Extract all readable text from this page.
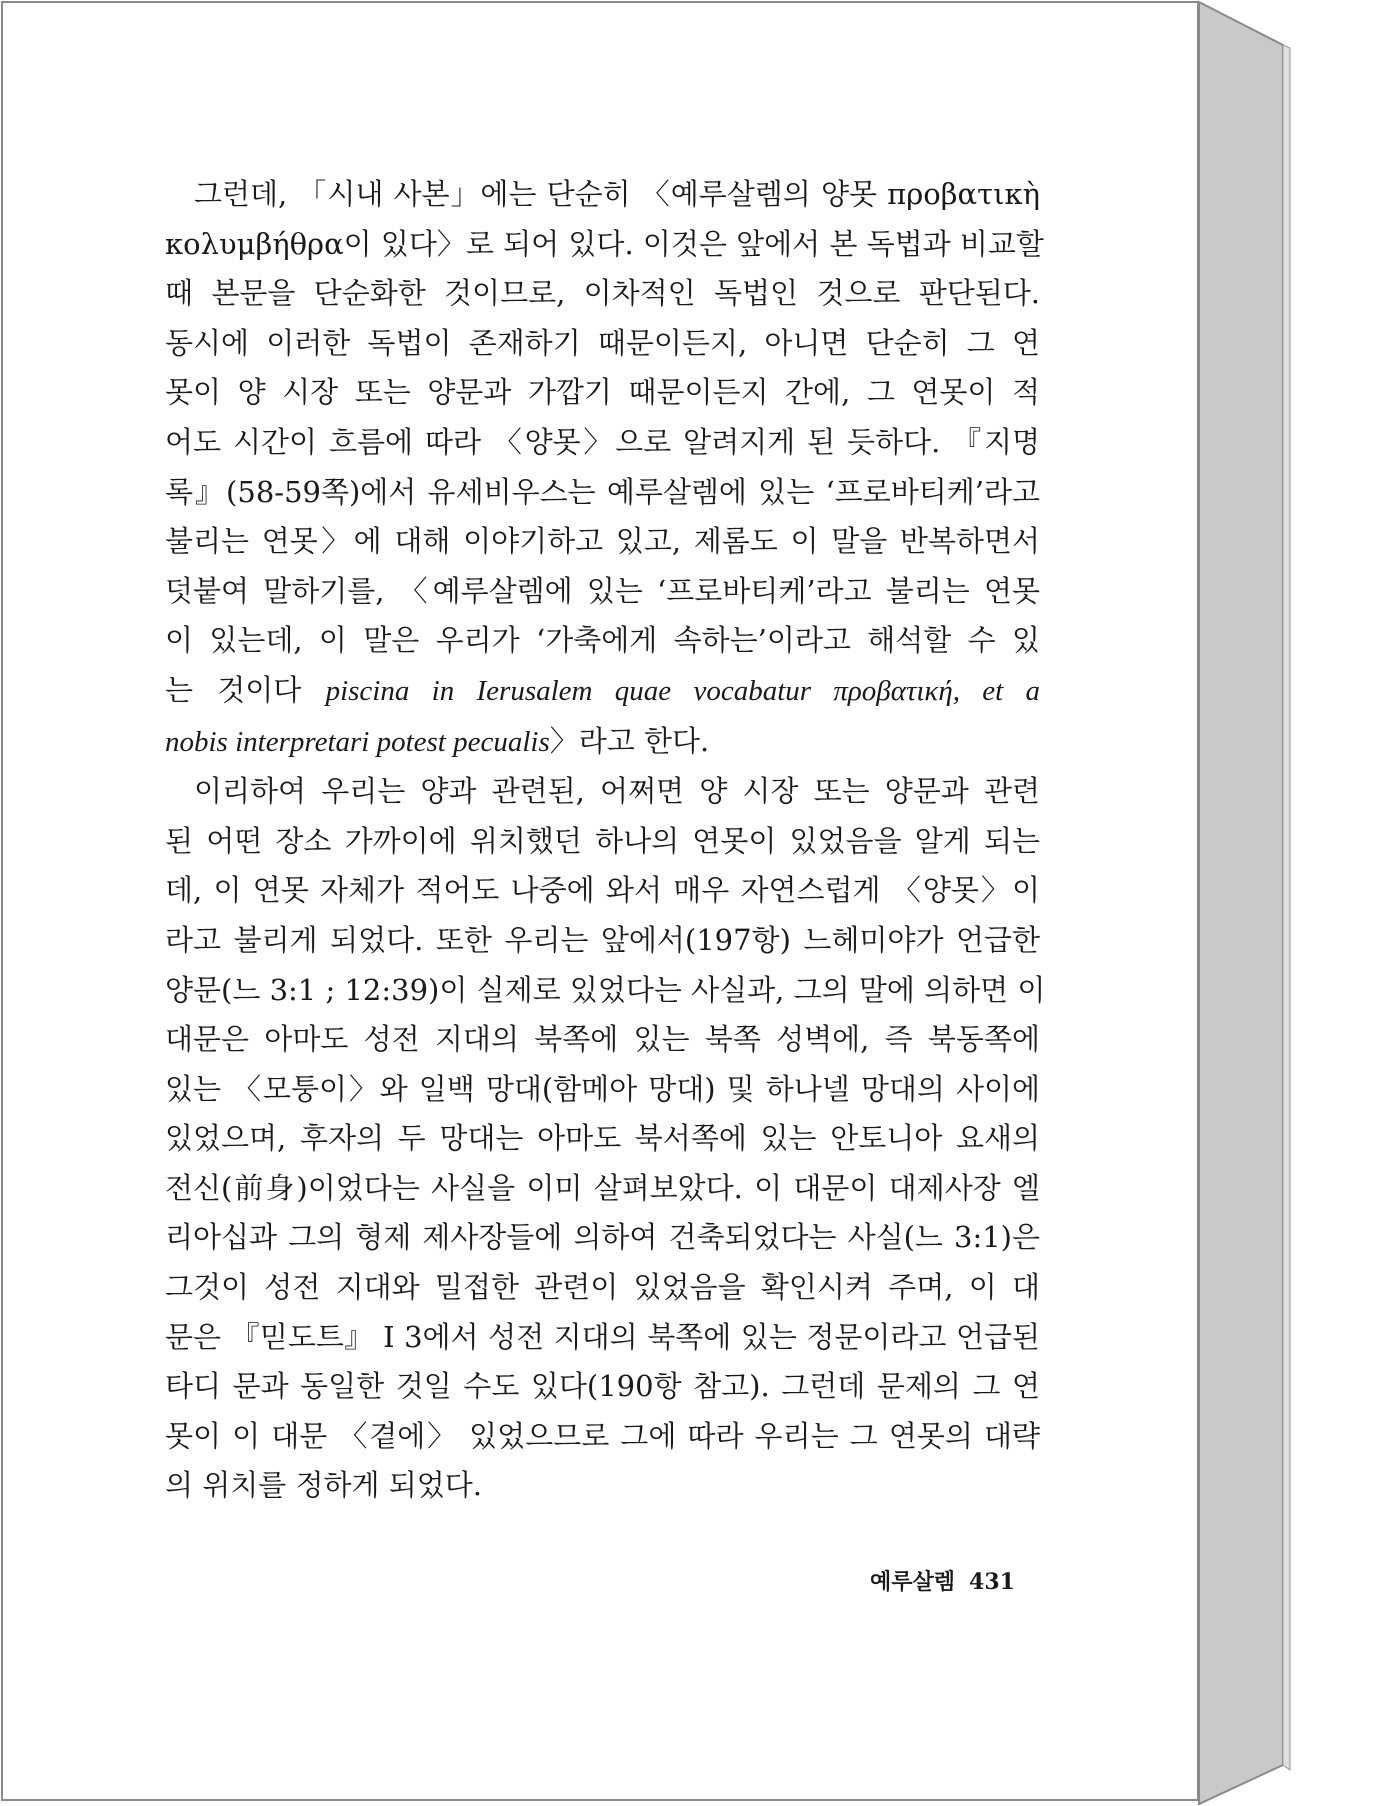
그런데, 「시내 사본」에는 단순히 〈예루살렘의 양못 προβατικὴ
κολυμβήθρα이 있다〉로 되어 있다. 이것은 앞에서 본 독법과 비교할
때 본문을 단순화한 것이므로, 이차적인 독법인 것으로 판단된다.
동시에 이러한 독법이 존재하기 때문이든지, 아니면 단순히 그 연
못이 양 시장 또는 양문과 가깝기 때문이든지 간에, 그 연못이 적
어도 시간이 흐름에 따라 〈양못〉으로 알려지게 된 듯하다. 『지명
록』(58-59쪽)에서 유세비우스는 예루살렘에 있는 ‘프로바티케’라고
불리는 연못〉에 대해 이야기하고 있고, 제롬도 이 말을 반복하면서
덧붙여 말하기를, 〈예루살렘에 있는 ‘프로바티케’라고 불리는 연못
이 있는데, 이 말은 우리가 ‘가축에게 속하는’이라고 해석할 수 있
는 것이다 piscina in Ierusalem quae vocabatur προβατική, et a
nobis interpretari potest pecualis〉라고 한다.
이리하여 우리는 양과 관련된, 어쩌면 양 시장 또는 양문과 관련
된 어떤 장소 가까이에 위치했던 하나의 연못이 있었음을 알게 되는
데, 이 연못 자체가 적어도 나중에 와서 매우 자연스럽게 〈양못〉이
라고 불리게 되었다. 또한 우리는 앞에서(197항) 느헤미야가 언급한
양문(느 3:1 ; 12:39)이 실제로 있었다는 사실과, 그의 말에 의하면 이
대문은 아마도 성전 지대의 북쪽에 있는 북쪽 성벽에, 즉 북동쪽에
있는 〈모퉁이〉와 일백 망대(함메아 망대) 및 하나넬 망대의 사이에
있었으며, 후자의 두 망대는 아마도 북서쪽에 있는 안토니아 요새의
전신(前身)이었다는 사실을 이미 살펴보았다. 이 대문이 대제사장 엘
리아십과 그의 형제 제사장들에 의하여 건축되었다는 사실(느 3:1)은
그것이 성전 지대와 밀접한 관련이 있었음을 확인시켜 주며, 이 대
문은 『믿도트』 I 3에서 성전 지대의 북쪽에 있는 정문이라고 언급된
타디 문과 동일한 것일 수도 있다(190항 참고). 그런데 문제의 그 연
못이 이 대문 〈곁에〉 있었으므로 그에 따라 우리는 그 연못의 대략
의 위치를 정하게 되었다.
예루살렘 431
